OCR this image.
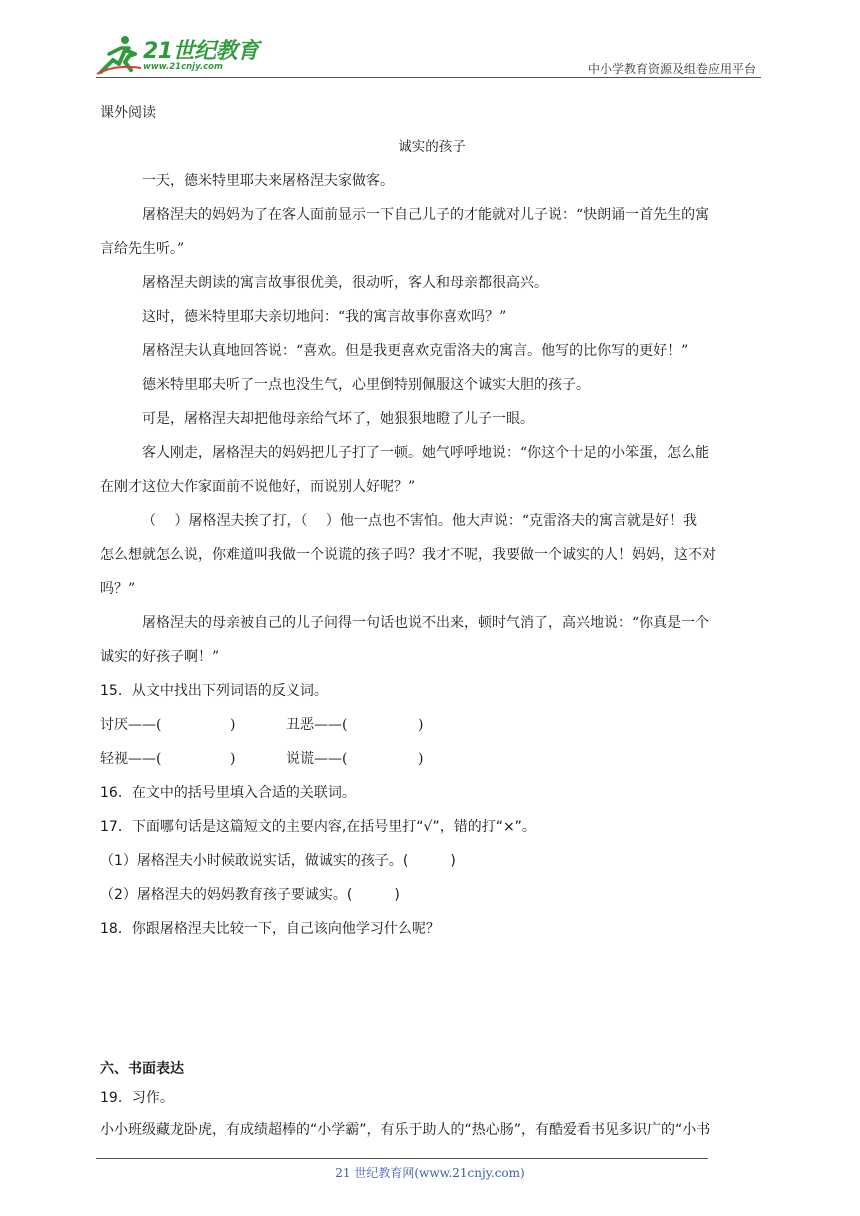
21世纪教育
www.21cnjy.com	中小学教育资源及组卷应用平台
课外阅读
诚实的孩子
一天，德米特里耶夫来屠格涅夫家做客。
屠格涅夫的妈妈为了在客人面前显示一下自己儿子的才能就对儿子说：“快朗诵一首先生的寓
言给先生听。”
屠格涅夫朗读的寓言故事很优美，很动听，客人和母亲都很高兴。
这时，德米特里耶夫亲切地问：“我的寓言故事你喜欢吗？”
屠格涅夫认真地回答说：“喜欢。但是我更喜欢克雷洛夫的寓言。他写的比你写的更好！”
德米特里耶夫听了一点也没生气，心里倒特别佩服这个诚实大胆的孩子。
可是，屠格涅夫却把他母亲给气坏了，她狠狠地瞪了儿子一眼。
客人刚走，屠格涅夫的妈妈把儿子打了一顿。她气呼呼地说：“你这个十足的小笨蛋，怎么能
在刚才这位大作家面前不说他好，而说别人好呢？”
（　 ）屠格涅夫挨了打，（　 ）他一点也不害怕。他大声说：“克雷洛夫的寓言就是好！我
怎么想就怎么说，你难道叫我做一个说谎的孩子吗？我才不呢，我要做一个诚实的人！妈妈，这不对
吗？”
屠格涅夫的母亲被自己的儿子问得一句话也说不出来，顿时气消了，高兴地说：“你真是一个
诚实的好孩子啊！”
15．从文中找出下列词语的反义词。
讨厌——(	)	丑恶——(	)
轻视——(	)	说谎——(	)
16．在文中的括号里填入合适的关联词。
17．下面哪句话是这篇短文的主要内容,在括号里打“√”，错的打“×”。
（1）屠格涅夫小时候敢说实话，做诚实的孩子。(　　　)
（2）屠格涅夫的妈妈教育孩子要诚实。(　　　)
18．你跟屠格涅夫比较一下，自己该向他学习什么呢？
六、书面表达
19．习作。
小小班级藏龙卧虎，有成绩超棒的“小学霸”，有乐于助人的“热心肠”，有酷爱看书见多识广的“小书
21 世纪教育网(www.21cnjy.com)
